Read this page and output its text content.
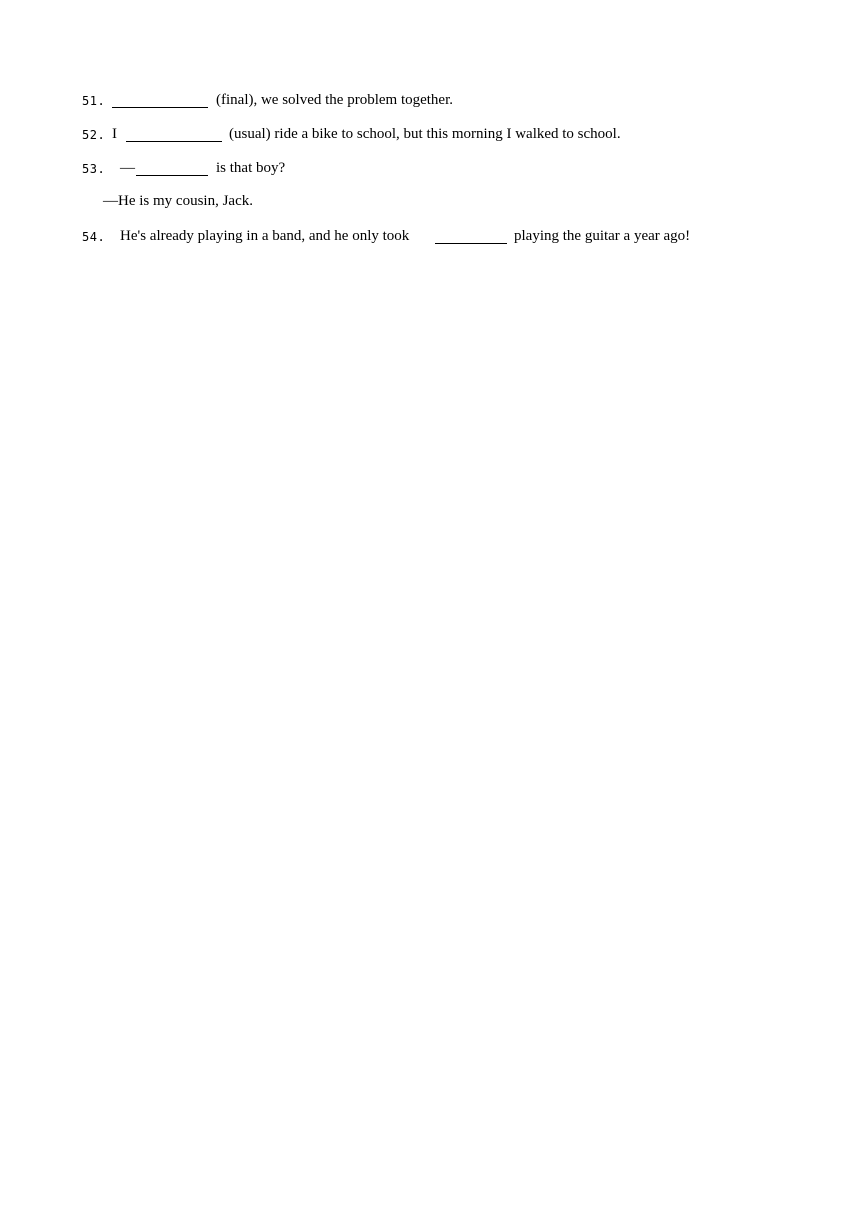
51.	(final), we solved the problem together.
52. I	(usual) ride a bike to school, but this morning I walked to school.
53. —	is that boy?
—He is my cousin, Jack.
54. He's already playing in a band, and he only took	playing the guitar a year ago!
